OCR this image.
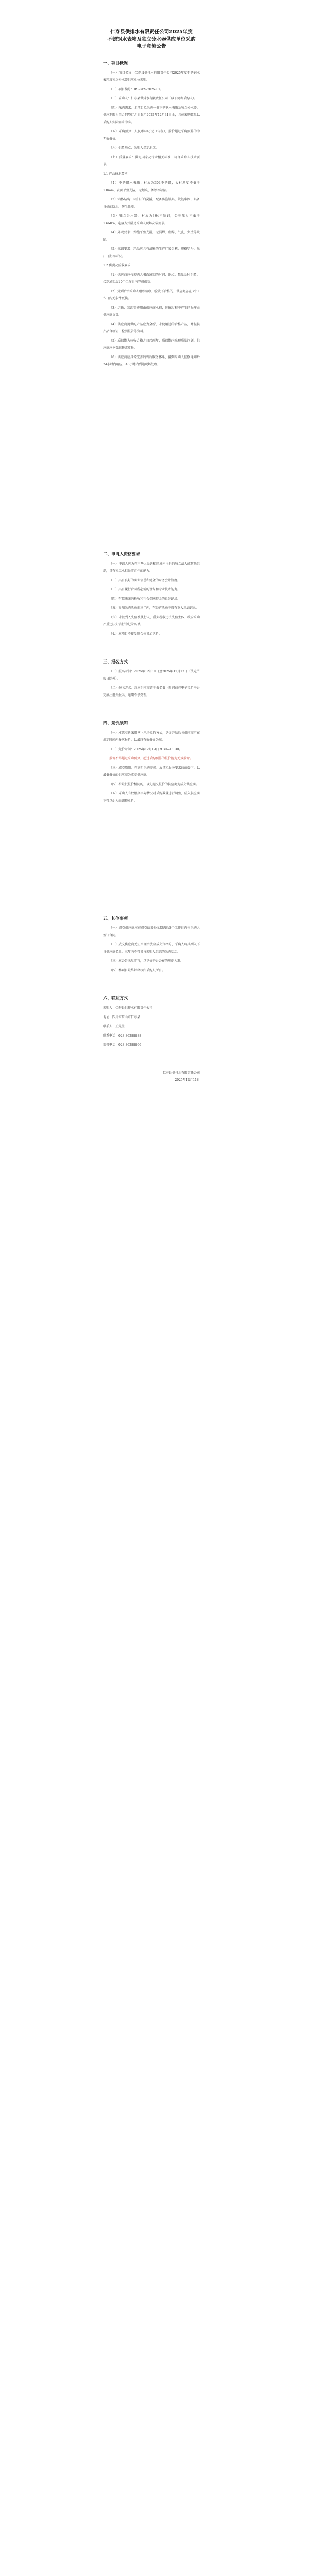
仁寿县供排水有限责任公司2025年度

不锈钢水表箱及独立分水器供应单位采购

电子竞价公告

一、项目概况

（一）项目名称：仁寿县供排水有限责任公司2025年度不锈钢水表箱及独立分水器供应单位采购。

（二）项目编号：RS-GPS-2025-01。

（三）采购人：仁寿县供排水有限责任公司（以下简称采购人）。

（四）采购需求：本项目拟采购一批不锈钢水表箱及独立分水器，供应期限为自合同签订之日起至2025年12月31日止，具体采购数量以采购人实际需求为准。

（五）采购预算：人民币40万元（含税），报价超过采购预算的为无效报价。

（六）供货地点：采购人指定地点。

（七）质量要求：满足国家及行业相关标准，符合采购人技术要求。

1.1 产品技术要求

（1）不锈钢水表箱：材质为304不锈钢，板材厚度不低于1.0mm，表面平整光洁，无划痕、锈蚀等缺陷。

（2）箱体结构：箱门开启灵活，配备防盗锁具，铰链牢固，具备良好的防水、防尘性能。

（3）独立分水器：材质为304不锈钢，公称压力不低于1.6MPa，连接方式满足采购人现场安装要求。

（4）外观要求：焊缝平整光滑，无漏焊、虚焊、气孔、夹渣等缺陷。

（5）标识要求：产品应具有清晰的生产厂家名称、规格型号、出厂日期等标识。

1.2 供货及验收要求

（1）供应商应按采购人书面通知的时间、地点、数量及时供货，接到通知后10个工作日内完成供货。

（2）货到后由采购人组织验收，验收不合格的，供应商应在3个工作日内无条件更换。

（3）运输、装卸等费用由供应商承担，运输过程中产生的损坏由供应商负责。

（4）供应商提供的产品应为全新、未使用过的合格产品，并提供产品合格证、检测报告等资料。

（5）质保期为验收合格之日起两年，质保期内出现质量问题，供应商应免费维修或更换。

（6）供应商应具备完善的售后服务体系，接到采购人报修通知后24小时内响应，48小时内到达现场处理。

二、申请人资格要求

（一）申请人应为在中华人民共和国境内注册的独立法人或其他组织，具有独立承担民事责任的能力。

（二）具有良好的商业信誉和健全的财务会计制度。

（三）具有履行合同所必需的设备和专业技术能力。

（四）有依法缴纳税收和社会保障资金的良好记录。

（五）参加采购活动前三年内，在经营活动中没有重大违法记录。

（六）未被列入失信被执行人、重大税收违法失信主体、政府采购严重违法失信行为记录名单。

（七）本项目不接受联合体参加竞价。

三、报名方式

（一）报名时间：2025年12月11日至2025年12月17日（法定节假日除外）。

（二）报名方式：意向供应商请于报名截止时间前在电子竞价平台完成注册并报名，逾期不予受理。

四、竞价须知

（一）本次竞价采用网上电子竞价方式，竞价开始后各供应商可在规定时间内多次报价，以最终有效报价为准。

（二）竞价时间：2025年12月19日 9:30—11:30。

报价不得超过采购预算，超过采购预算的报价视为无效报价。

（三）成交原则：在满足采购需求、质量和服务要求的前提下，以最低报价的供应商为成交供应商。

（四）若最低报价相同的，以先提交报价的供应商为成交供应商。

（五）采购人有权根据实际情况对采购数量进行调整，成交供应商不得以此为由调整单价。

五、其他事项

（一）成交供应商应在成交结果公示期满后5个工作日内与采购人签订合同。

（二）成交供应商无正当理由放弃成交资格的，采购人将其列入不良供应商名单，三年内不得参与采购人组织的采购活动。

（三）本公告未尽事宜，以竞价平台公布的规则为准。

（四）本项目最终解释权归采购人所有。

六、联系方式

采购人：仁寿县供排水有限责任公司

地址：四川省眉山市仁寿县

联系人：王先生

联系电话：028-36288888

监督电话：028-36288866

仁寿县供排水有限责任公司
2025年12月11日
